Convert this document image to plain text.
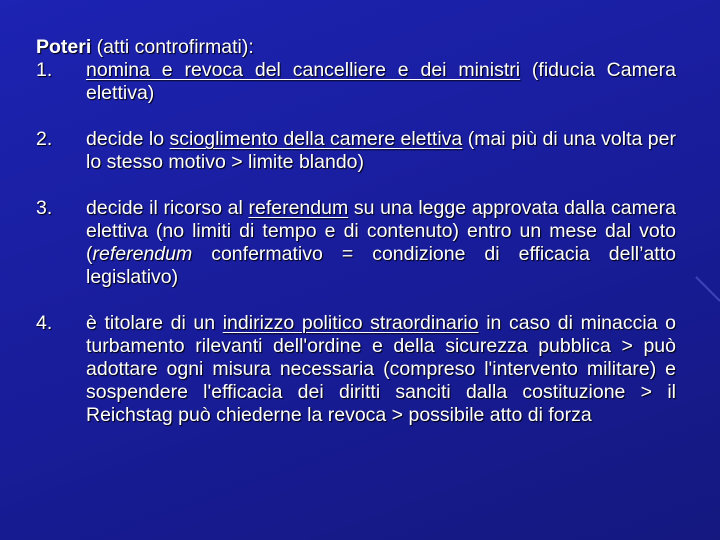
Poteri (atti controfirmati):

1.	nomina e revoca del cancelliere e dei ministri (fiducia Camera elettiva)
2.	decide lo scioglimento della camere elettiva (mai più di una volta per lo stesso motivo > limite blando)
3.	decide il ricorso al referendum su una legge approvata dalla camera elettiva (no limiti di tempo e di contenuto) entro un mese dal voto (referendum confermativo = condizione di efficacia dell’atto legislativo)
4.	è titolare di un indirizzo politico straordinario in caso di minaccia o turbamento rilevanti dell'ordine e della sicurezza pubblica > può adottare ogni misura necessaria (compreso l'intervento militare) e sospendere l'efficacia dei diritti sanciti dalla costituzione > il Reichstag può chiederne la revoca > possibile atto di forza
